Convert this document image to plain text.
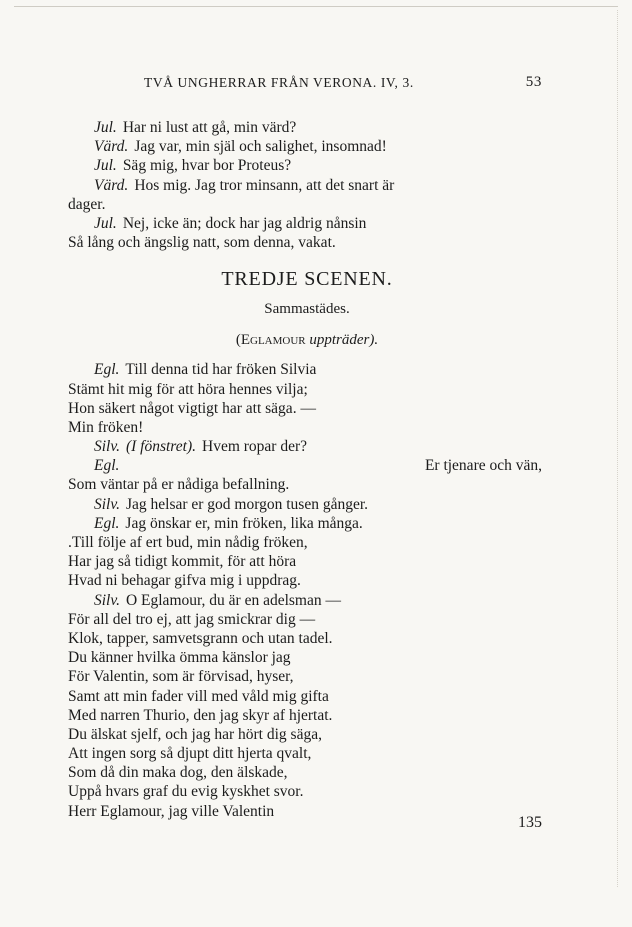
TVÅ UNGHERRAR FRÅN VERONA. IV, 3.	53
Jul. Har ni lust att gå, min värd?
Värd. Jag var, min själ och salighet, insomnad!
Jul. Säg mig, hvar bor Proteus?
Värd. Hos mig. Jag tror minsann, att det snart är
dager.
Jul. Nej, icke än; dock har jag aldrig nånsin
Så lång och ängslig natt, som denna, vakat.
TREDJE SCENEN.
Sammastädes.
(Eglamour uppträder).
Egl. Till denna tid har fröken Silvia
Stämt hit mig för att höra hennes vilja;
Hon säkert något vigtigt har att säga. —
Min fröken!
Silv. (I fönstret). Hvem ropar der?
Egl.	Er tjenare och vän,
Som väntar på er nådiga befallning.
Silv. Jag helsar er god morgon tusen gånger.
Egl. Jag önskar er, min fröken, lika många.
.Till följe af ert bud, min nådig fröken,
Har jag så tidigt kommit, för att höra
Hvad ni behagar gifva mig i uppdrag.
Silv. O Eglamour, du är en adelsman —
För all del tro ej, att jag smickrar dig —
Klok, tapper, samvetsgrann och utan tadel.
Du känner hvilka ömma känslor jag
För Valentin, som är förvisad, hyser,
Samt att min fader vill med våld mig gifta
Med narren Thurio, den jag skyr af hjertat.
Du älskat sjelf, och jag har hört dig säga,
Att ingen sorg så djupt ditt hjerta qvalt,
Som då din maka dog, den älskade,
Uppå hvars graf du evig kyskhet svor.
Herr Eglamour, jag ville Valentin
135
